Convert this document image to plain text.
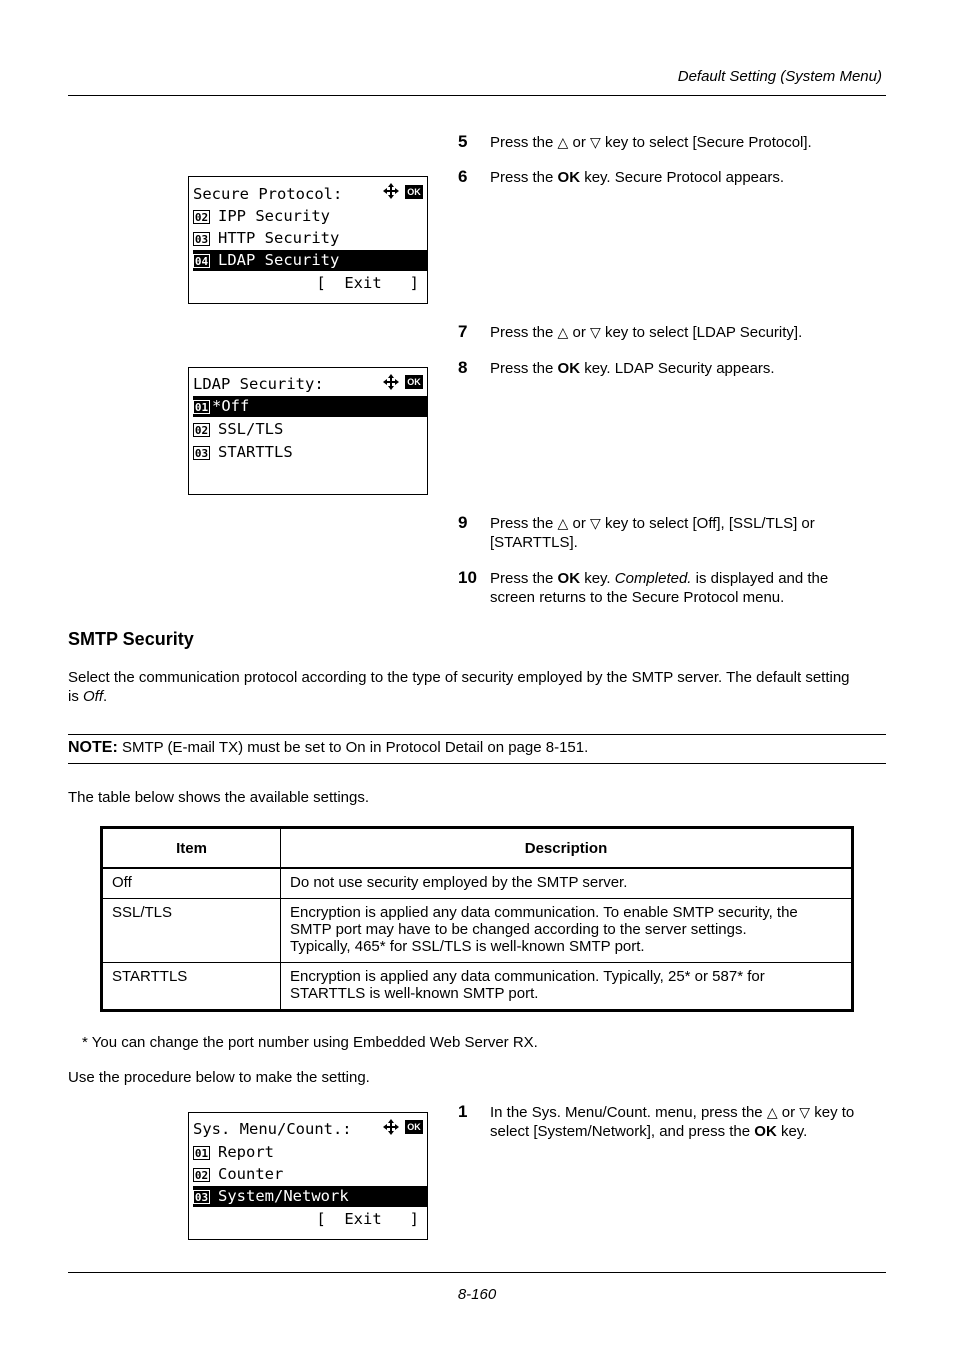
Default Setting (System Menu)
Secure Protocol:	OK
02 IPP Security
03 HTTP Security
04 LDAP Security
[  Exit   ]
LDAP Security:	OK
01 *Off
02 SSL/TLS
03 STARTTLS
5	Press the △ or ▽ key to select [Secure Protocol].
6	Press the OK key. Secure Protocol appears.
7	Press the △ or ▽ key to select [LDAP Security].
8	Press the OK key. LDAP Security appears.
9	Press the △ or ▽ key to select [Off], [SSL/TLS] or
[STARTTLS].
10 Press the OK key. Completed. is displayed and the
screen returns to the Secure Protocol menu.
SMTP Security
Select the communication protocol according to the type of security employed by the SMTP server. The default setting
is Off.
NOTE: SMTP (E-mail TX) must be set to On in Protocol Detail on page 8-151.
The table below shows the available settings.
Item	Description
Off	Do not use security employed by the SMTP server.
SSL/TLS	Encryption is applied any data communication. To enable SMTP security, the
SMTP port may have to be changed according to the server settings.
Typically, 465* for SSL/TLS is well-known SMTP port.
STARTTLS	Encryption is applied any data communication. Typically, 25* or 587* for
STARTTLS is well-known SMTP port.
* You can change the port number using Embedded Web Server RX.
Use the procedure below to make the setting.
1	In the Sys. Menu/Count. menu, press the △ or ▽ key to
select [System/Network], and press the OK key.
Sys. Menu/Count.:	OK
01 Report
02 Counter
03 System/Network
[  Exit   ]
8-160
